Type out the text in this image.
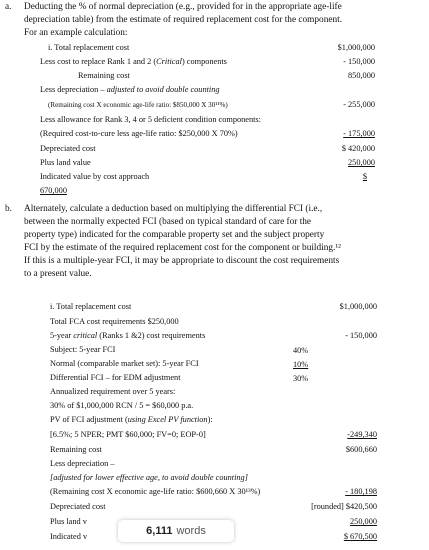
a. Deducting the % of normal depreciation (e.g., provided for in the appropriate age-life
depreciation table) from the estimate of required replacement cost for the component.
For an example calculation:
i. Total replacement cost	$1,000,000
Less cost to replace Rank 1 and 2 (Critical) components	- 150,000
Remaining cost	850,000
Less depreciation – adjusted to avoid double counting
(Remaining cost X economic age-life ratio: $850,000 X 30¹¹%)	- 255,000
Less allowance for Rank 3, 4 or 5 deficient condition components:
(Required cost-to-cure less age-life ratio: $250,000 X 70%)	- 175,000
Depreciated cost	$ 420,000
Plus land value	250,000
Indicated value by cost approach	$
670,000
b. Alternately, calculate a deduction based on multiplying the differential FCI (i.e.,
between the normally expected FCI (based on typical standard of care for the
property type) indicated for the comparable property set and the subject property
FCI by the estimate of the required replacement cost for the component or building.¹²
If this is a multiple-year FCI, it may be appropriate to discount the cost requirements
to a present value.
i. Total replacement cost	$1,000,000
Total FCA cost requirements $250,000
5-year critical (Ranks 1 &2) cost requirements	- 150,000
Subject: 5-year FCI	40%
Normal (comparable market set): 5-year FCI	10%
Differential FCI – for EDM adjustment	30%
Annualized requirement over 5 years:
30% of $1,000,000 RCN / 5 = $60,000 p.a.
PV of FCI adjustment (using Excel PV function):
[6.5%; 5 NPER; PMT $60,000; FV=0; EOP-0]	-249,340
Remaining cost	$600,660
Less depreciation –
[adjusted for lower effective age, to avoid double counting]
(Remaining cost X economic age-life ratio: $600,660 X 30¹³%)	- 180,198
Depreciated cost	[rounded] $420,500
Plus land v	250,000
Indicated v	$ 670,500
6,111 words
